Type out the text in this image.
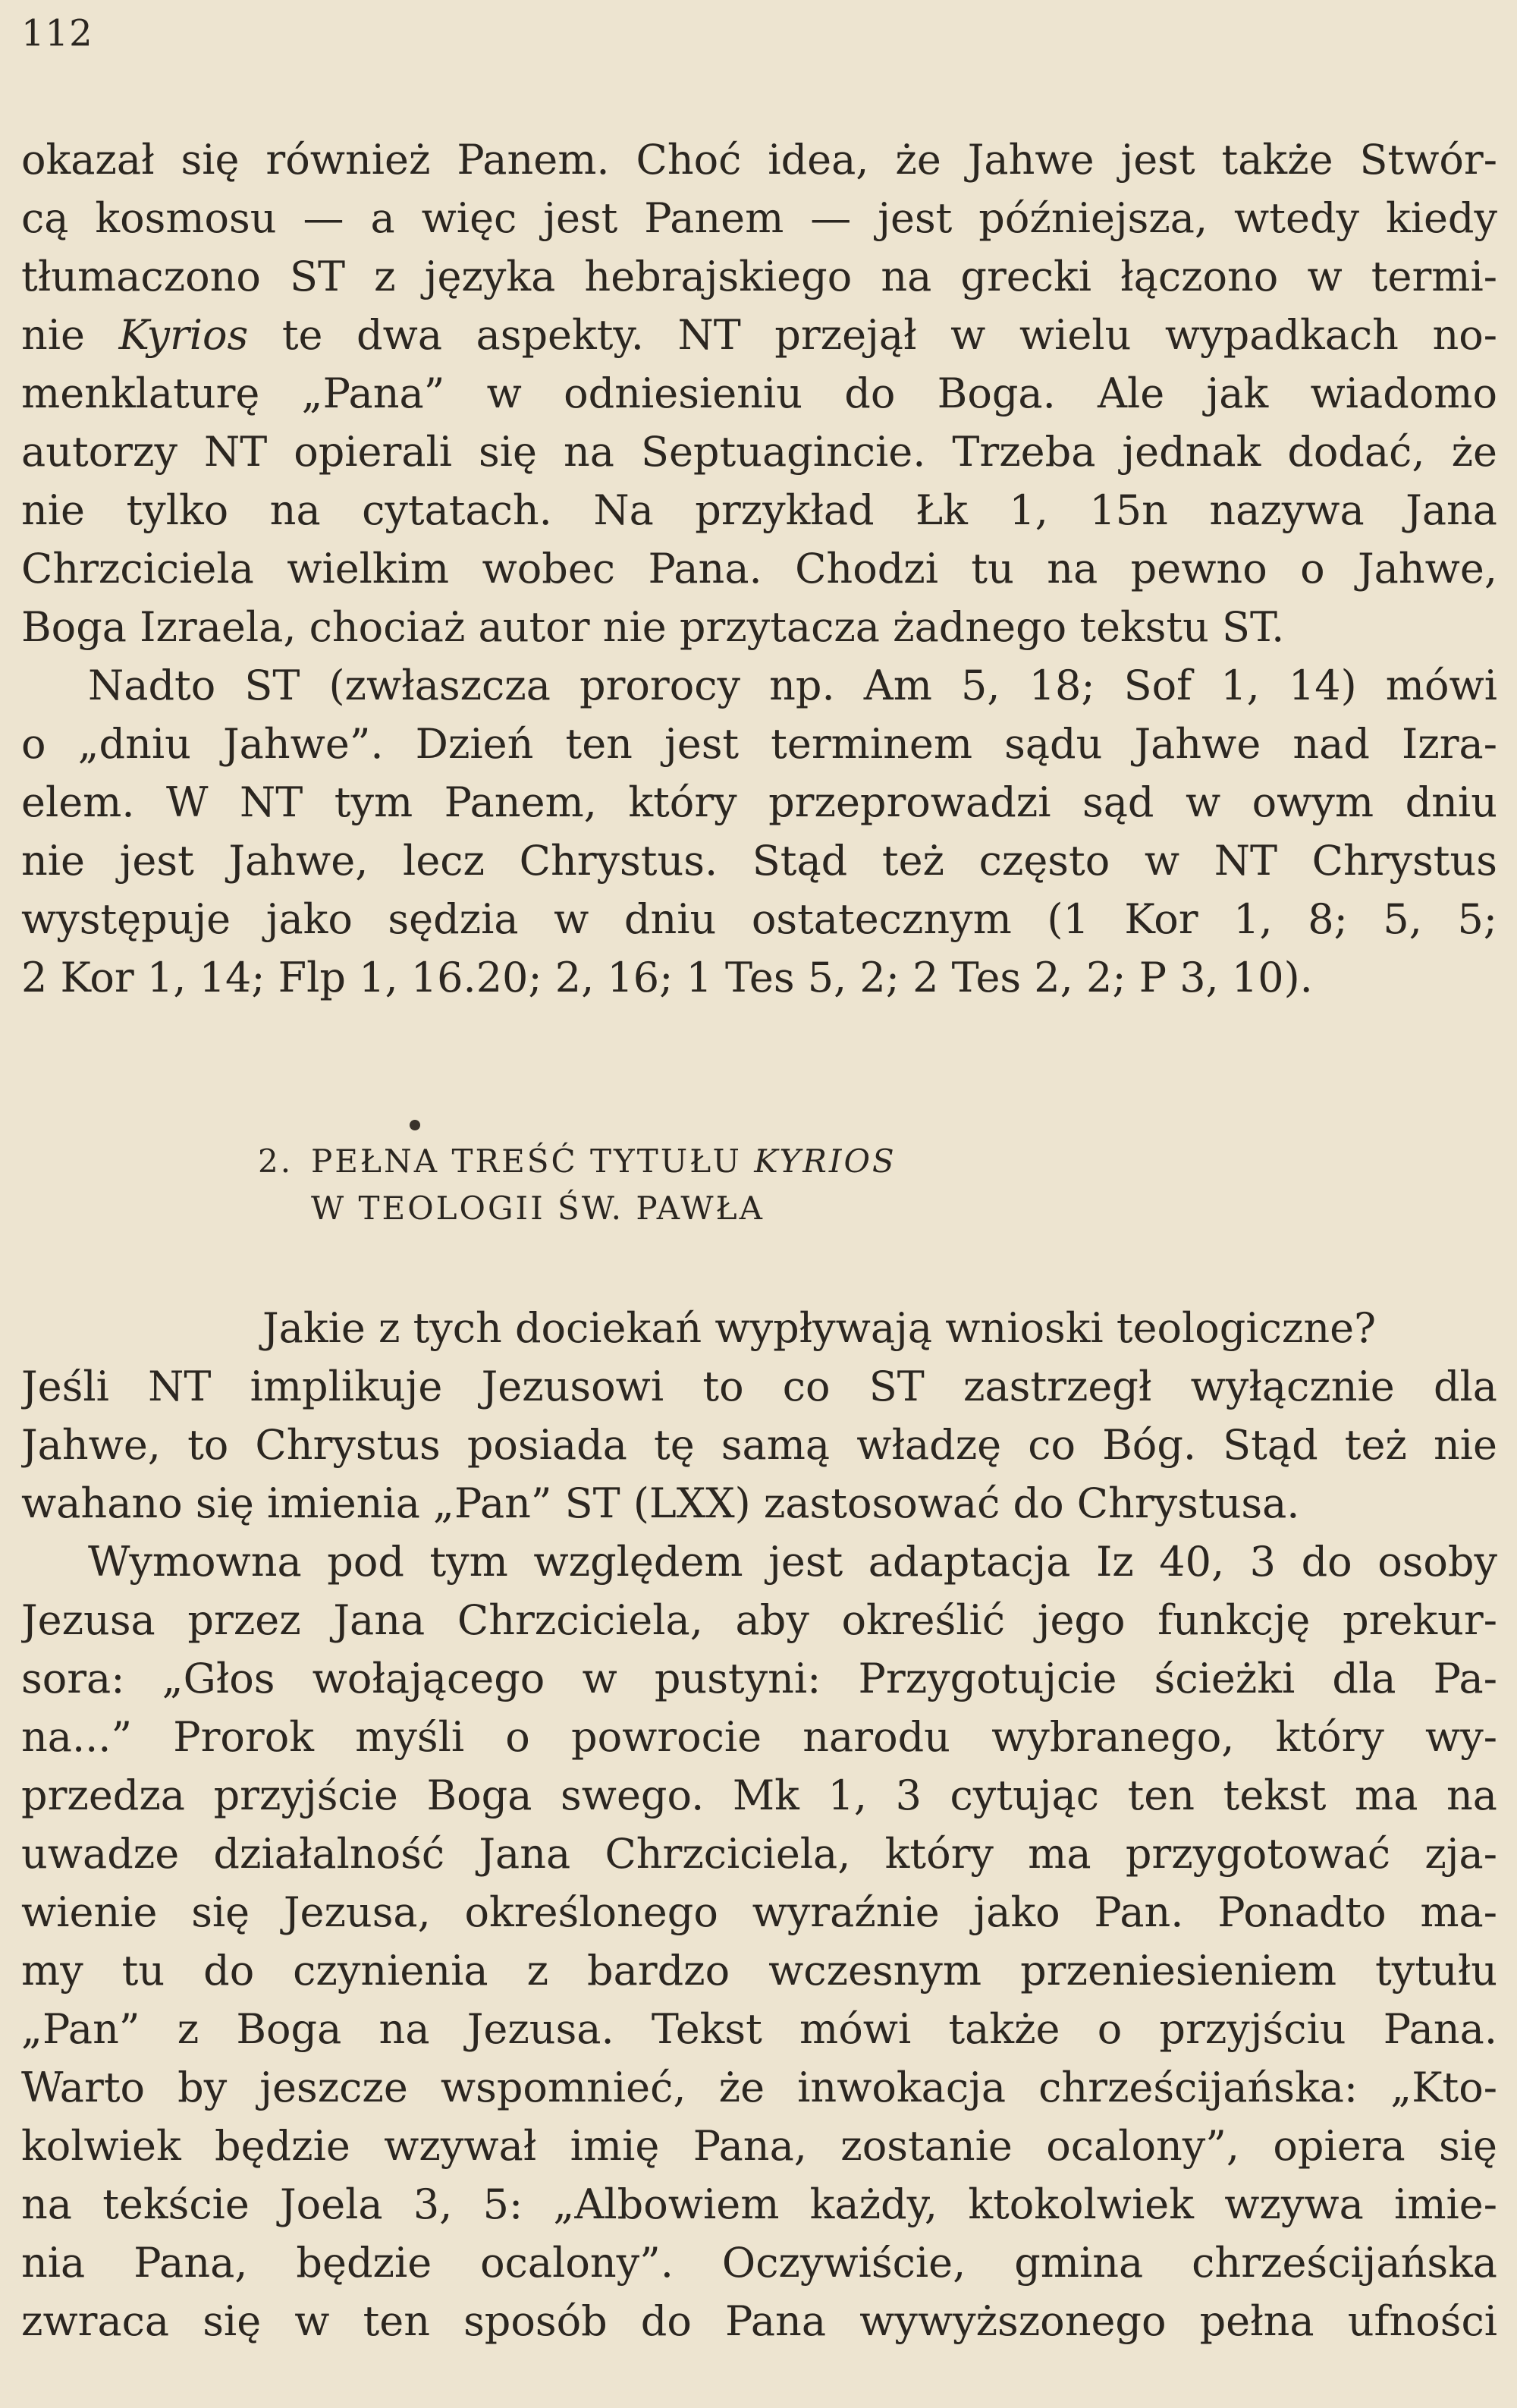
112
okazał się również Panem. Choć idea, że Jahwe jest także Stwór-
cą kosmosu — a więc jest Panem — jest późniejsza, wtedy kiedy
tłumaczono ST z języka hebrajskiego na grecki łączono w termi-
nie Kyrios te dwa aspekty. NT przejął w wielu wypadkach no-
menklaturę „Pana” w odniesieniu do Boga. Ale jak wiadomo
autorzy NT opierali się na Septuagincie. Trzeba jednak dodać, że
nie tylko na cytatach. Na przykład Łk 1, 15n nazywa Jana
Chrzciciela wielkim wobec Pana. Chodzi tu na pewno o Jahwe,
Boga Izraela, chociaż autor nie przytacza żadnego tekstu ST.
Nadto ST (zwłaszcza prorocy np. Am 5, 18; Sof 1, 14) mówi
o „dniu Jahwe”. Dzień ten jest terminem sądu Jahwe nad Izra-
elem. W NT tym Panem, który przeprowadzi sąd w owym dniu
nie jest Jahwe, lecz Chrystus. Stąd też często w NT Chrystus
występuje jako sędzia w dniu ostatecznym (1 Kor 1, 8; 5, 5;
2 Kor 1, 14; Flp 1, 16.20; 2, 16; 1 Tes 5, 2; 2 Tes 2, 2; P 3, 10).
2. PEŁNA TREŚĆ TYTUŁU KYRIOS
W TEOLOGII ŚW. PAWŁA
Jakie z tych dociekań wypływają wnioski teologiczne?
Jeśli NT implikuje Jezusowi to co ST zastrzegł wyłącznie dla
Jahwe, to Chrystus posiada tę samą władzę co Bóg. Stąd też nie
wahano się imienia „Pan” ST (LXX) zastosować do Chrystusa.
Wymowna pod tym względem jest adaptacja Iz 40, 3 do osoby
Jezusa przez Jana Chrzciciela, aby określić jego funkcję prekur-
sora: „Głos wołającego w pustyni: Przygotujcie ścieżki dla Pa-
na...” Prorok myśli o powrocie narodu wybranego, który wy-
przedza przyjście Boga swego. Mk 1, 3 cytując ten tekst ma na
uwadze działalność Jana Chrzciciela, który ma przygotować zja-
wienie się Jezusa, określonego wyraźnie jako Pan. Ponadto ma-
my tu do czynienia z bardzo wczesnym przeniesieniem tytułu
„Pan” z Boga na Jezusa. Tekst mówi także o przyjściu Pana.
Warto by jeszcze wspomnieć, że inwokacja chrześcijańska: „Kto-
kolwiek będzie wzywał imię Pana, zostanie ocalony”, opiera się
na tekście Joela 3, 5: „Albowiem każdy, ktokolwiek wzywa imie-
nia Pana, będzie ocalony”. Oczywiście, gmina chrześcijańska
zwraca się w ten sposób do Pana wywyższonego pełna ufności
